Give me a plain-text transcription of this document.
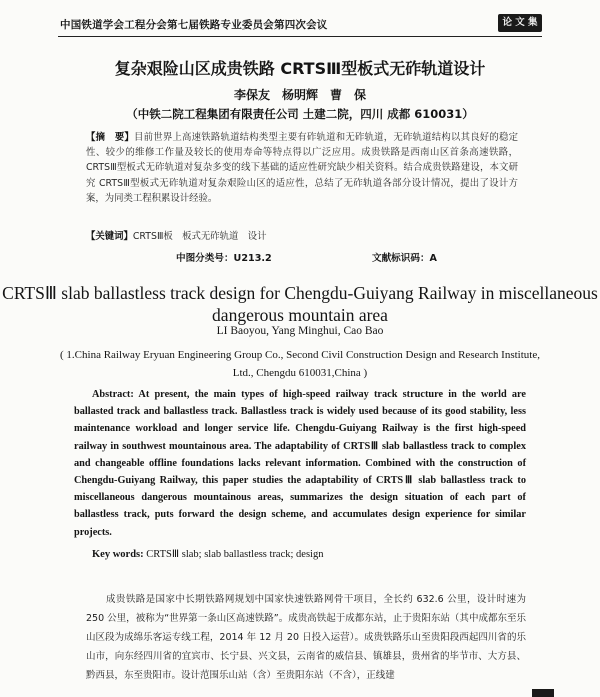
中国铁道学会工程分会第七届铁路专业委员会第四次会议	论 文 集
复杂艰险山区成贵铁路 CRTSⅢ型板式无砟轨道设计
李保友　杨明辉　曹　保
（中铁二院工程集团有限责任公司 土建二院，四川 成都 610031）
【摘　要】目前世界上高速铁路轨道结构类型主要有砟轨道和无砟轨道，无砟轨道结构以其良好的稳定性、较少的维修工作量及较长的使用寿命等特点得以广泛应用。成贵铁路是西南山区首条高速铁路，CRTSⅢ型板式无砟轨道对复杂多变的线下基础的适应性研究缺少相关资料。结合成贵铁路建设，本文研究 CRTSⅢ型板式无砟轨道对复杂艰险山区的适应性，总结了无砟轨道各部分设计情况，提出了设计方案，为同类工程积累设计经验。
【关键词】CRTSⅢ板　板式无砟轨道　设计
中图分类号：U213.2	文献标识码：A
CRTSⅢ slab ballastless track design for Chengdu-Guiyang Railway in miscellaneous dangerous mountain area
LI Baoyou, Yang Minghui, Cao Bao
( 1.China Railway Eryuan Engineering Group Co., Second Civil Construction Design and Research Institute, Ltd., Chengdu 610031,China )
Abstract: At present, the main types of high-speed railway track structure in the world are ballasted track and ballastless track. Ballastless track is widely used because of its good stability, less maintenance workload and longer service life. Chengdu-Guiyang Railway is the first high-speed railway in southwest mountainous area. The adaptability of CRTSⅢ slab ballastless track to complex and changeable offline foundations lacks relevant information. Combined with the construction of Chengdu-Guiyang Railway, this paper studies the adaptability of CRTSⅢ slab ballastless track to miscellaneous dangerous mountainous areas, summarizes the design situation of each part of ballastless track, puts forward the design scheme, and accumulates design experience for similar projects.
Key words: CRTSⅢ slab; slab ballastless track; design
成贵铁路是国家中长期铁路网规划中国家快速铁路网骨干项目，全长约 632.6 公里，设计时速为 250 公里，被称为“世界第一条山区高速铁路”。成贵高铁起于成都东站，止于贵阳东站（其中成都东至乐山区段为成绵乐客运专线工程，2014 年 12 月 20 日投入运营）。成贵铁路乐山至贵阳段西起四川省的乐山市，向东经四川省的宜宾市、长宁县、兴文县，云南省的威信县、镇雄县，贵州省的毕节市、大方县、黔西县，东至贵阳市。设计范围乐山站（含）至贵阳东站（不含），正线建
